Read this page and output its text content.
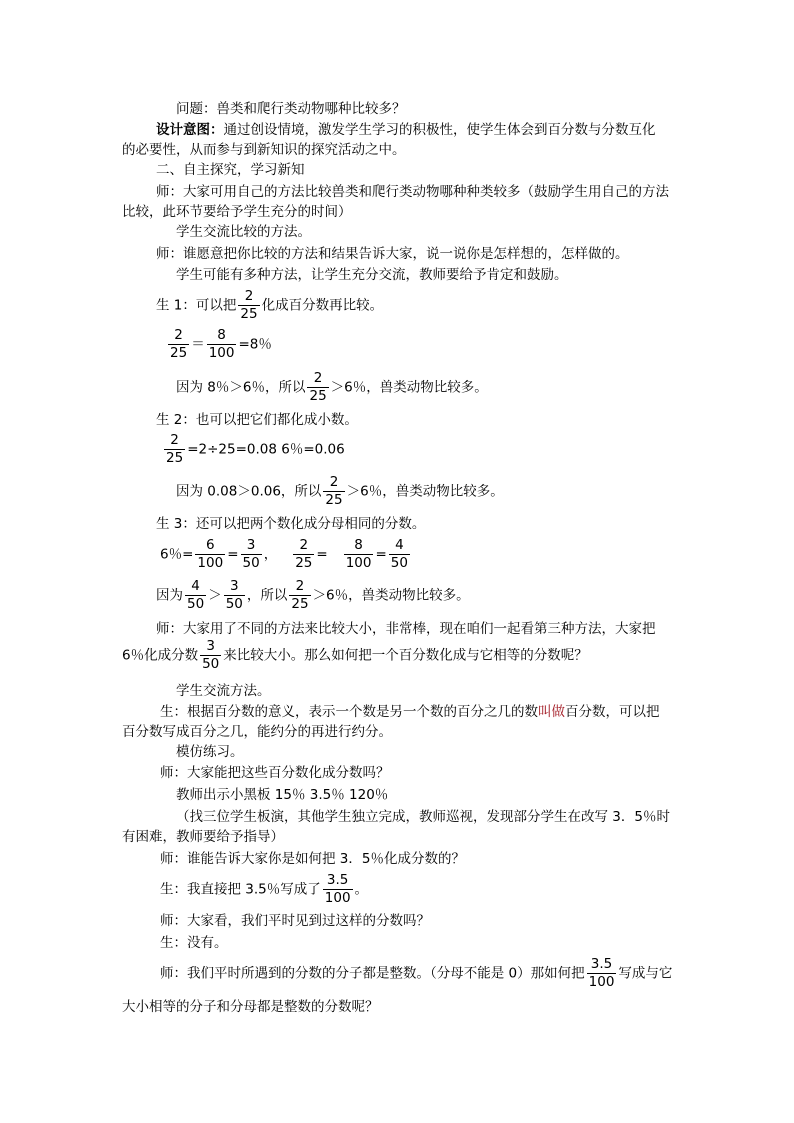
问题：兽类和爬行类动物哪种比较多？
设计意图：通过创设情境，激发学生学习的积极性，使学生体会到百分数与分数互化
的必要性，从而参与到新知识的探究活动之中。
二、自主探究，学习新知
师：大家可用自己的方法比较兽类和爬行类动物哪种种类较多（鼓励学生用自己的方法
比较，此环节要给予学生充分的时间）
学生交流比较的方法。
师：谁愿意把你比较的方法和结果告诉大家，说一说你是怎样想的，怎样做的。
学生可能有多种方法，让学生充分交流，教师要给予肯定和鼓励。
生 1：可以把 $\frac{2}{25}$ 化成百分数再比较。
$\frac{2}{25} = \frac{8}{100} =8$％
因为 8％＞6％，所以 $\frac{2}{25} >6$％，兽类动物比较多。
生 2：也可以把它们都化成小数。
$\frac{2}{25} =2\div 25=0.08$ 6％=0.06
因为 0.08＞0.06，所以 $\frac{2}{25} >6$％，兽类动物比较多。
生 3：还可以把两个数化成分母相同的分数。
6％= $\frac{6}{100} = \frac{3}{50}$ ， $\frac{2}{25} = \frac{8}{100} = \frac{4}{50}$
因为 $\frac{4}{50} > \frac{3}{50}$ ，所以 $\frac{2}{25} >6$％，兽类动物比较多。
师：大家用了不同的方法来比较大小，非常棒，现在咱们一起看第三种方法，大家把
6％化成分数 $\frac{3}{50}$ 来比较大小。那么如何把一个百分数化成与它相等的分数呢？
学生交流方法。
生：根据百分数的意义，表示一个数是另一个数的百分之几的数叫做百分数，可以把
百分数写成百分之几，能约分的再进行约分。
模仿练习。
师：大家能把这些百分数化成分数吗？
教师出示小黑板 15％ 3.5％ 120％
（找三位学生板演，其他学生独立完成，教师巡视，发现部分学生在改写 3．5％时
有困难，教师要给予指导）
师：谁能告诉大家你是如何把 3．5％化成分数的？
生：我直接把 3.5％写成了 $\frac{3.5}{100}$ 。
师：大家看，我们平时见到过这样的分数吗？
生：没有。
师：我们平时所遇到的分数的分子都是整数。（分母不能是 0）那如何把 $\frac{3.5}{100}$ 写成与它
大小相等的分子和分母都是整数的分数呢？
